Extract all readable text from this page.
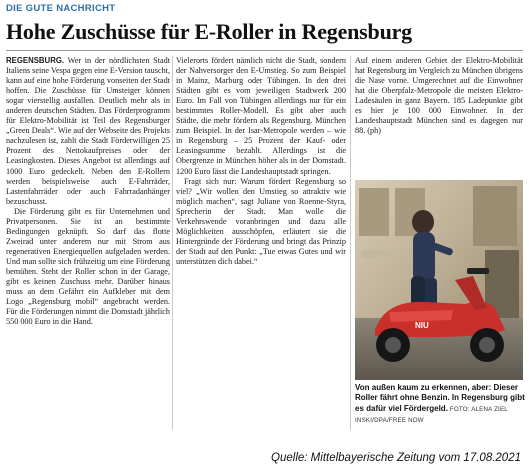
DIE GUTE NACHRICHT
Hohe Zuschüsse für E-Roller in Regensburg

REGENSBURG. Wer in der nördlichsten Stadt Italiens seine Vespa gegen eine E-Version tauscht, kann auf eine hohe Förderung vonseiten der Stadt hoffen. Die Zuschüsse für Umsteiger können sogar vierstellig ausfallen. Deutlich mehr als in anderen deutschen Städten. Das Förderprogramm für Elektro-Mobilität ist Teil des Regensburger „Green Deals“. Wie auf der Webseite des Projekts nachzulesen ist, zahlt die Stadt Förderwilligen 25 Prozent des Nettokaufpreises oder der Leasingkosten. Dieses Angebot ist allerdings auf 1000 Euro gedeckelt. Neben den E-Rollern werden beispielsweise auch E-Fahrräder, Lastenfahrräder oder auch Fahrradanhänger bezuschusst.

Die Förderung gibt es für Unternehmen und Privatpersonen. Sie ist an bestimmte Bedingungen geknüpft. So darf das flotte Zweirad unter anderem nur mit Strom aus regenerativen Energiequellen aufgeladen werden. Und man sollte sich frühzeitig um eine Förderung bemühen. Steht der Roller schon in der Garage, gibt es keinen Zuschuss mehr. Darüber hinaus muss an dem Gefährt ein Aufkleber mit dem Logo „Regensburg mobil“ angebracht werden. Für die Förderungen nimmt die Domstadt jährlich 550 000 Euro in die Hand.

Vielerorts fördert nämlich nicht die Stadt, sondern der Nahversorger den E-Umstieg. So zum Beispiel in Mainz, Marburg oder Tübingen. In den drei Städten gibt es vom jeweiligen Stadtwerk 200 Euro. Im Fall von Tübingen allerdings nur für ein bestimmtes Roller-Modell. Es gibt aber auch Städte, die mehr fördern als Regensburg. München zum Beispiel. In der Isar-Metropole werden – wie in Regensburg – 25 Prozent der Kauf- oder Leasingsumme bezahlt. Allerdings ist die Obergrenze in München höher als in der Domstadt. 1200 Euro lässt die Landeshauptstadt springen.

Fragt sich nur: Warum fördert Regensburg so viel? „Wir wollen den Umstieg so attraktiv wie möglich machen“, sagt Juliane von Roenne-Styra, Sprecherin der Stadt. Man wolle die Verkehrswende voranbringen und dazu alle Möglichkeiten ausschöpfen, erläutert sie die Hintergründe der Förderung und bringt das Prinzip der Stadt auf den Punkt: „Tue etwas Gutes und wir unterstützen dich dabei.“

Auf einem anderen Gebiet der Elektro-Mobilität hat Regensburg im Vergleich zu München übrigens die Nase vorne. Umgerechnet auf die Einwohner hat die Oberpfalz-Metropole die meisten Elektro-Ladesäulen in ganz Bayern. 185 Ladepunkte gibt es hier je 100 000 Einwohner. In der Landeshauptstadt München sind es dagegen nur 88. (ph)

NIU
Von außen kaum zu erkennen, aber: Dieser Roller fährt ohne Benzin. In Regensburg gibt es dafür viel Fördergeld. FOTO: ALENA ZIEL INSKI/DPA/FREE NOW
Quelle: Mittelbayerische Zeitung vom 17.08.2021
